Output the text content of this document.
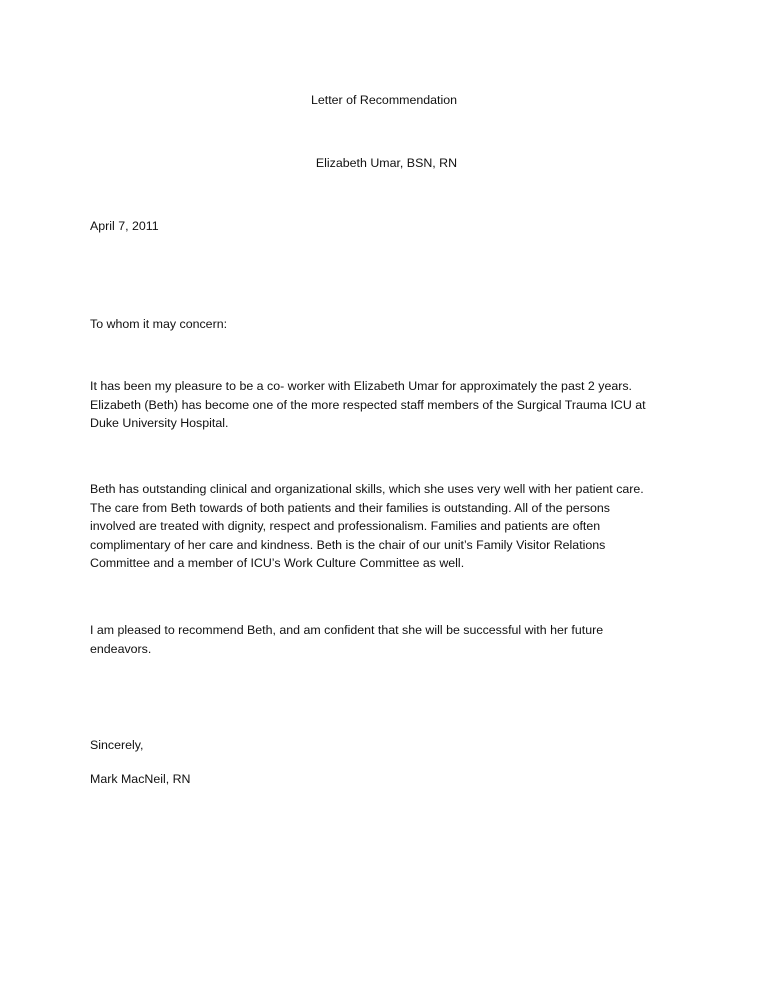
Letter of Recommendation
Elizabeth Umar, BSN, RN
April 7, 2011
To whom it may concern:
It has been my pleasure to be a co- worker with Elizabeth Umar for approximately the past 2 years.
Elizabeth (Beth) has become one of the more respected staff members of the Surgical Trauma ICU at
Duke University Hospital.
Beth has outstanding clinical and organizational skills, which she uses very well with her patient care.
The care from Beth towards of both patients and their families is outstanding. All of the persons
involved are treated with dignity, respect and professionalism. Families and patients are often
complimentary of her care and kindness. Beth is the chair of our unit’s Family Visitor Relations
Committee and a member of ICU’s Work Culture Committee as well.
I am pleased to recommend Beth, and am confident that she will be successful with her future
endeavors.
Sincerely,
Mark MacNeil, RN
